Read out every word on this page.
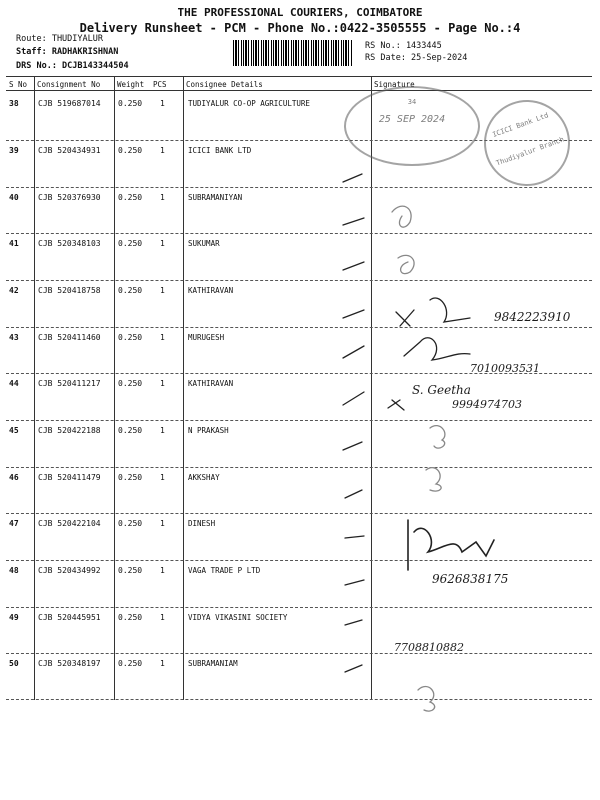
THE PROFESSIONAL COURIERS, COIMBATORE
Delivery Runsheet - PCM - Phone No.:0422-3505555 - Page No.:4
Route: THUDIYALUR
Staff: RADHAKRISHNAN
DRS No.: DCJB143344504
RS No.: 1433445
RS Date: 25-Sep-2024
S No Consignment No Weight PCS	Consignee Details	Signature
38 CJB 519687014 0.250 1	TUDIYALUR CO-OP AGRICULTURE
39 CJB 520434931 0.250 1	ICICI BANK LTD
40 CJB 520376930 0.250 1	SUBRAMANIYAN
41 CJB 520348103 0.250 1	SUKUMAR
42 CJB 520418758 0.250 1	KATHIRAVAN
43 CJB 520411460 0.250 1	MURUGESH
44 CJB 520411217 0.250 1	KATHIRAVAN
45 CJB 520422188 0.250 1	N PRAKASH
46 CJB 520411479 0.250 1	AKKSHAY
47 CJB 520422104 0.250 1	DINESH
48 CJB 520434992 0.250 1	VAGA TRADE P LTD
49 CJB 520445951 0.250 1	VIDYA VIKASINI SOCIETY
50 CJB 520348197 0.250 1	SUBRAMANIAM
34
25 SEP 2024	ICICI Bank Ltd
Thudiyalur Branch
9842223910
7010093531
S. Geetha
9994974703
9626838175
7708810882
